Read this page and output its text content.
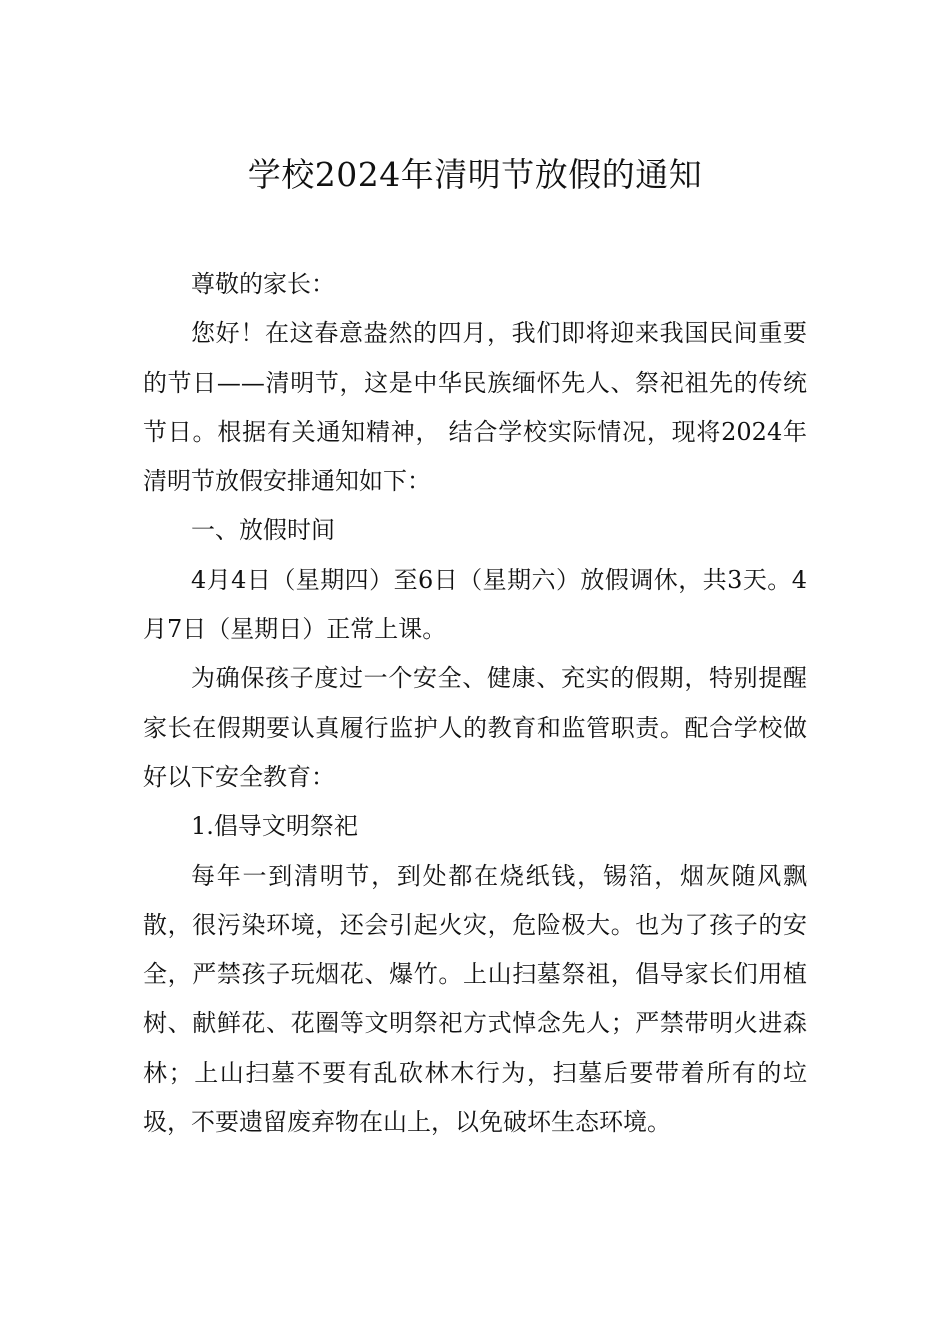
学校2024年清明节放假的通知

尊敬的家长：

您好！在这春意盎然的四月，我们即将迎来我国民间重要的节日——清明节，这是中华民族缅怀先人、祭祀祖先的传统节日。根据有关通知精神， 结合学校实际情况，现将2024年清明节放假安排通知如下：

一、放假时间

4月4日（星期四）至6日（星期六）放假调休，共3天。4月7日（星期日）正常上课。

为确保孩子度过一个安全、健康、充实的假期，特别提醒家长在假期要认真履行监护人的教育和监管职责。配合学校做好以下安全教育：

1.倡导文明祭祀

每年一到清明节，到处都在烧纸钱，锡箔，烟灰随风飘散，很污染环境，还会引起火灾，危险极大。也为了孩子的安全，严禁孩子玩烟花、爆竹。上山扫墓祭祖，倡导家长们用植树、献鲜花、花圈等文明祭祀方式悼念先人；严禁带明火进森林；上山扫墓不要有乱砍林木行为，扫墓后要带着所有的垃圾，不要遗留废弃物在山上，以免破坏生态环境。
